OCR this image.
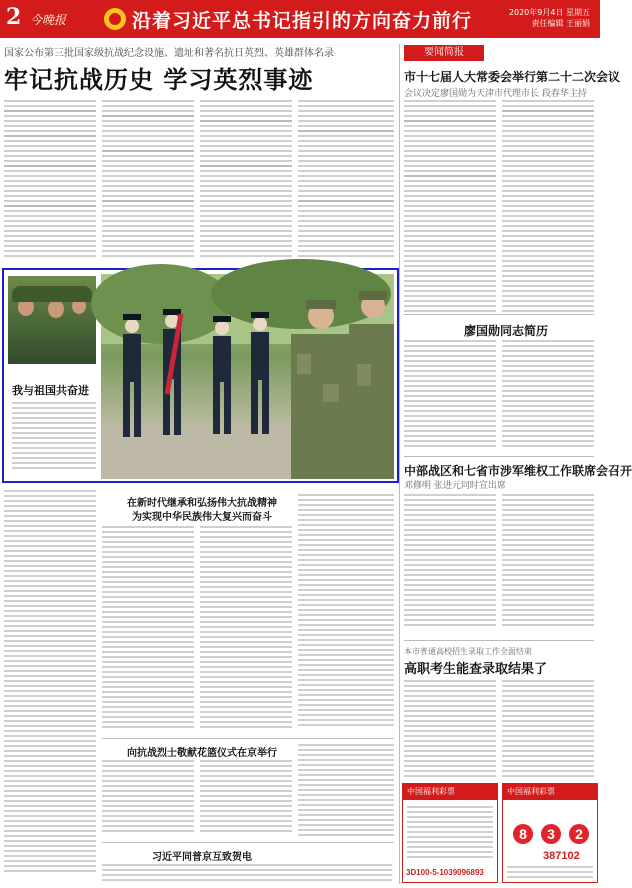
2 今晚报	沿着习近平总书记指引的方向奋力前行	2020年9月4日 星期五
责任编辑 王丽娟
国家公布第三批国家级抗战纪念设施、遗址和著名抗日英烈、英雄群体名录
牢记抗战历史 学习英烈事迹
要闻简报
市十七届人大常委会举行第二十二次会议
会议决定廖国勋为天津市代理市长 段春华主持
廖国勋同志简历
中部战区和七省市涉军维权工作联席会召开
邓修明 张进元同时宣出席
本市普通高校招生录取工作全面结束
高职考生能查录取结果了
我与祖国共奋进
在新时代继承和弘扬伟大抗战精神
为实现中华民族伟大复兴而奋斗
向抗战烈士敬献花篮仪式在京举行
习近平同普京互致贺电
中国福利彩票
3D100-5-1039096893
中国福利彩票
8	3	2
387102
